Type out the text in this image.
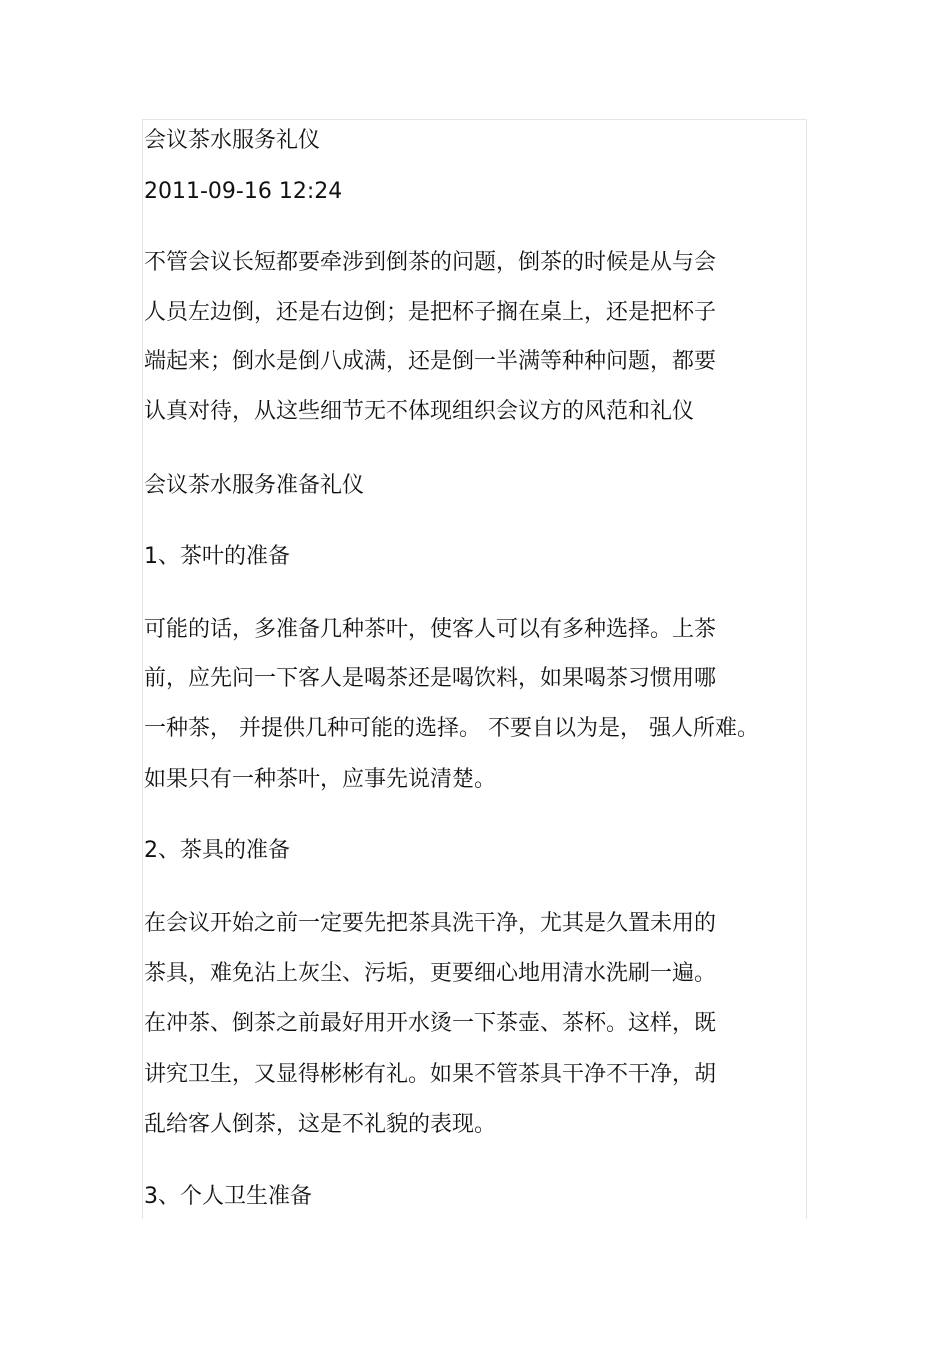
会议茶水服务礼仪
2011-09-16 12:24
不管会议长短都要牵涉到倒茶的问题，倒茶的时候是从与会
人员左边倒，还是右边倒；是把杯子搁在桌上，还是把杯子
端起来；倒水是倒八成满，还是倒一半满等种种问题，都要
认真对待，从这些细节无不体现组织会议方的风范和礼仪
会议茶水服务准备礼仪
1、茶叶的准备
可能的话，多准备几种茶叶，使客人可以有多种选择。上茶
前，应先问一下客人是喝茶还是喝饮料，如果喝茶习惯用哪
一种茶， 并提供几种可能的选择。 不要自以为是， 强人所难。
如果只有一种茶叶，应事先说清楚。
2、茶具的准备
在会议开始之前一定要先把茶具洗干净，尤其是久置未用的
茶具，难免沾上灰尘、污垢，更要细心地用清水洗刷一遍。
在冲茶、倒茶之前最好用开水烫一下茶壶、茶杯。这样，既
讲究卫生，又显得彬彬有礼。如果不管茶具干净不干净，胡
乱给客人倒茶，这是不礼貌的表现。
3、个人卫生准备
